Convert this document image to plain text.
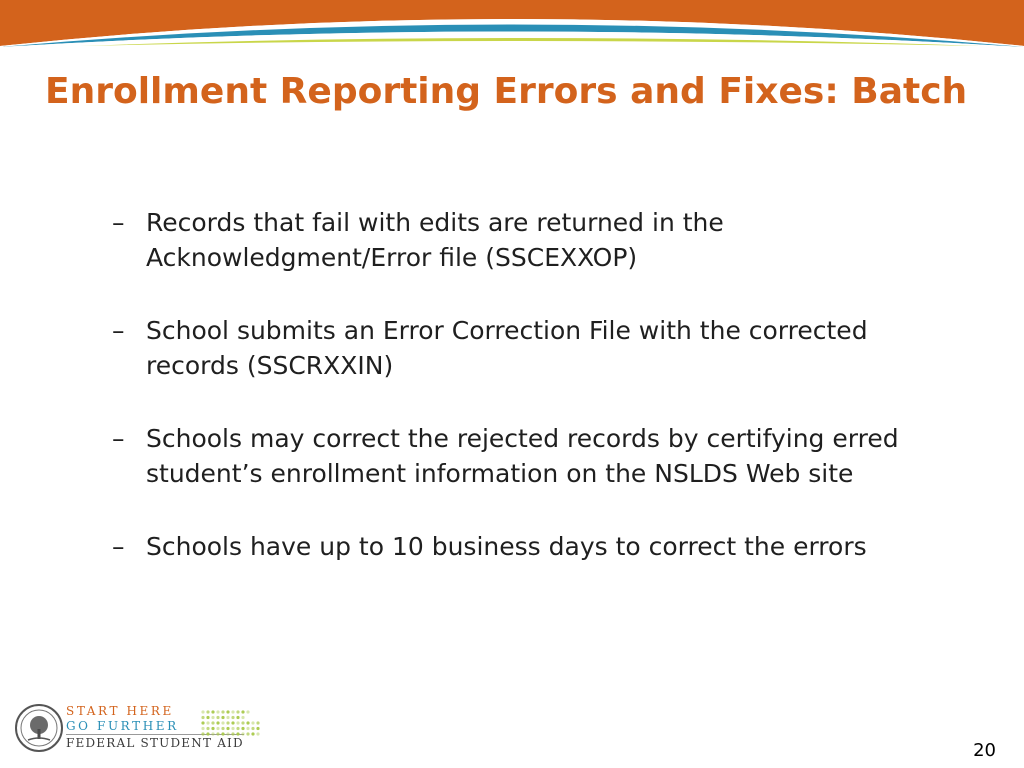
Enrollment Reporting Errors and Fixes: Batch
– Records that fail with edits are returned in the Acknowledgment/Error file (SSCEXXOP)
– School submits an Error Correction File with the corrected records (SSCRXXIN)
– Schools may correct the rejected records by certifying erred student’s enrollment information on the NSLDS Web site
– Schools have up to 10 business days to correct the errors
START HERE
GO FURTHER
FEDERAL STUDENT AID	20
